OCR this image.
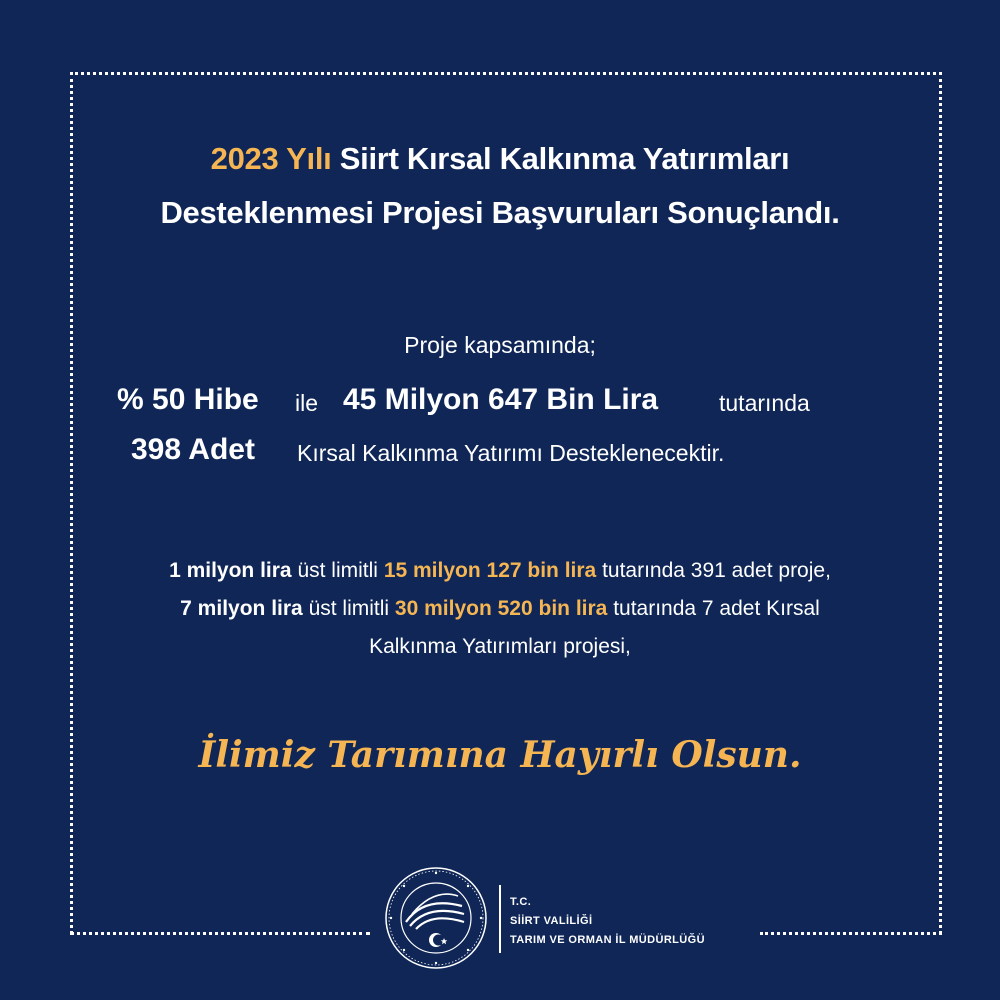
2023 Yılı Siirt Kırsal Kalkınma Yatırımları
Desteklenmesi Projesi Başvuruları Sonuçlandı.
Proje kapsamında;
% 50 Hibe ile 45 Milyon 647 Bin Lira	tutarında
398 Adet Kırsal Kalkınma Yatırımı Desteklenecektir.
1 milyon lira üst limitli 15 milyon 127 bin lira tutarında 391 adet proje,
7 milyon lira üst limitli 30 milyon 520 bin lira tutarında 7 adet Kırsal
Kalkınma Yatırımları projesi,
İlimiz Tarımına Hayırlı Olsun.
T.C.
SİİRT VALİLİĞİ
TARIM VE ORMAN İL MÜDÜRLÜĞÜ
